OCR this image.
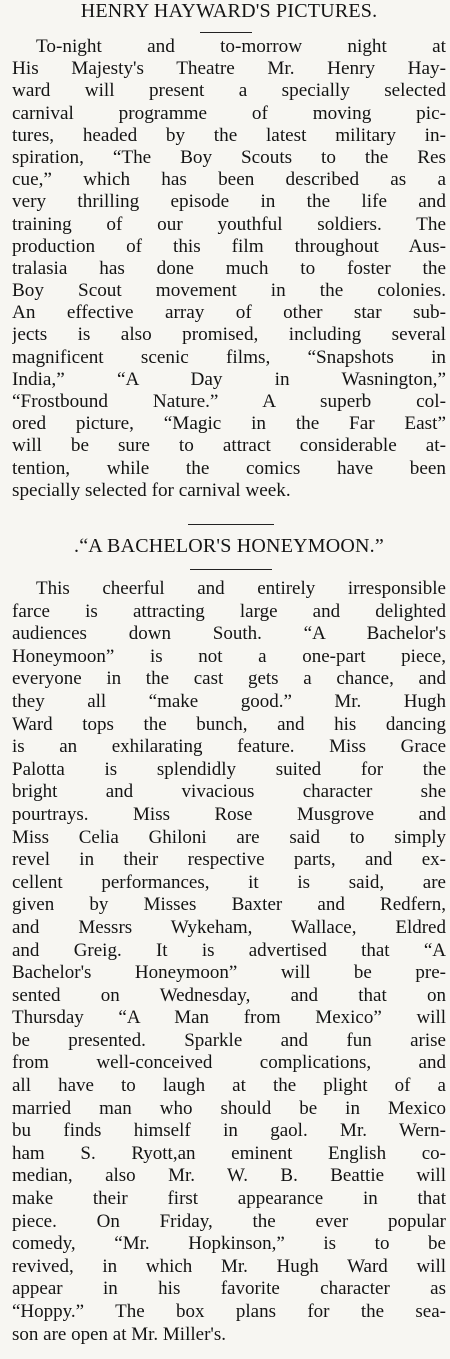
HENRY HAYWARD'S PICTURES.
To-night and to-morrow night at
His Majesty's Theatre Mr. Henry Hay-
ward will present a specially selected
carnival programme of moving pic-
tures, headed by the latest military in-
spiration, “The Boy Scouts to the Res
cue,” which has been described as a
very thrilling episode in the life and
training of our youthful soldiers. The
production of this film throughout Aus-
tralasia has done much to foster the
Boy Scout movement in the colonies.
An effective array of other star sub-
jects is also promised, including several
magnificent scenic films, “Snapshots in
India,” “A Day in Wasnington,”
“Frostbound Nature.” A superb col-
ored picture, “Magic in the Far East”
will be sure to attract considerable at-
tention, while the comics have been
specially selected for carnival week.
.“A BACHELOR'S HONEYMOON.”
This cheerful and entirely irresponsible
farce is attracting large and delighted
audiences down South. “A Bachelor's
Honeymoon” is not a one-part piece,
everyone in the cast gets a chance, and
they all “make good.” Mr. Hugh
Ward tops the bunch, and his dancing
is an exhilarating feature. Miss Grace
Palotta is splendidly suited for the
bright and vivacious character she
pourtrays. Miss Rose Musgrove and
Miss Celia Ghiloni are said to simply
revel in their respective parts, and ex-
cellent performances, it is said, are
given by Misses Baxter and Redfern,
and Messrs Wykeham, Wallace, Eldred
and Greig. It is advertised that “A
Bachelor's Honeymoon” will be pre-
sented on Wednesday, and that on
Thursday “A Man from Mexico” will
be presented. Sparkle and fun arise
from well-conceived complications, and
all have to laugh at the plight of a
married man who should be in Mexico
bu finds himself in gaol. Mr. Wern-
ham S. Ryott,an eminent English co-
median, also Mr. W. B. Beattie will
make their first appearance in that
piece. On Friday, the ever popular
comedy, “Mr. Hopkinson,” is to be
revived, in which Mr. Hugh Ward will
appear in his favorite character as
“Hoppy.” The box plans for the sea-
son are open at Mr. Miller's.
